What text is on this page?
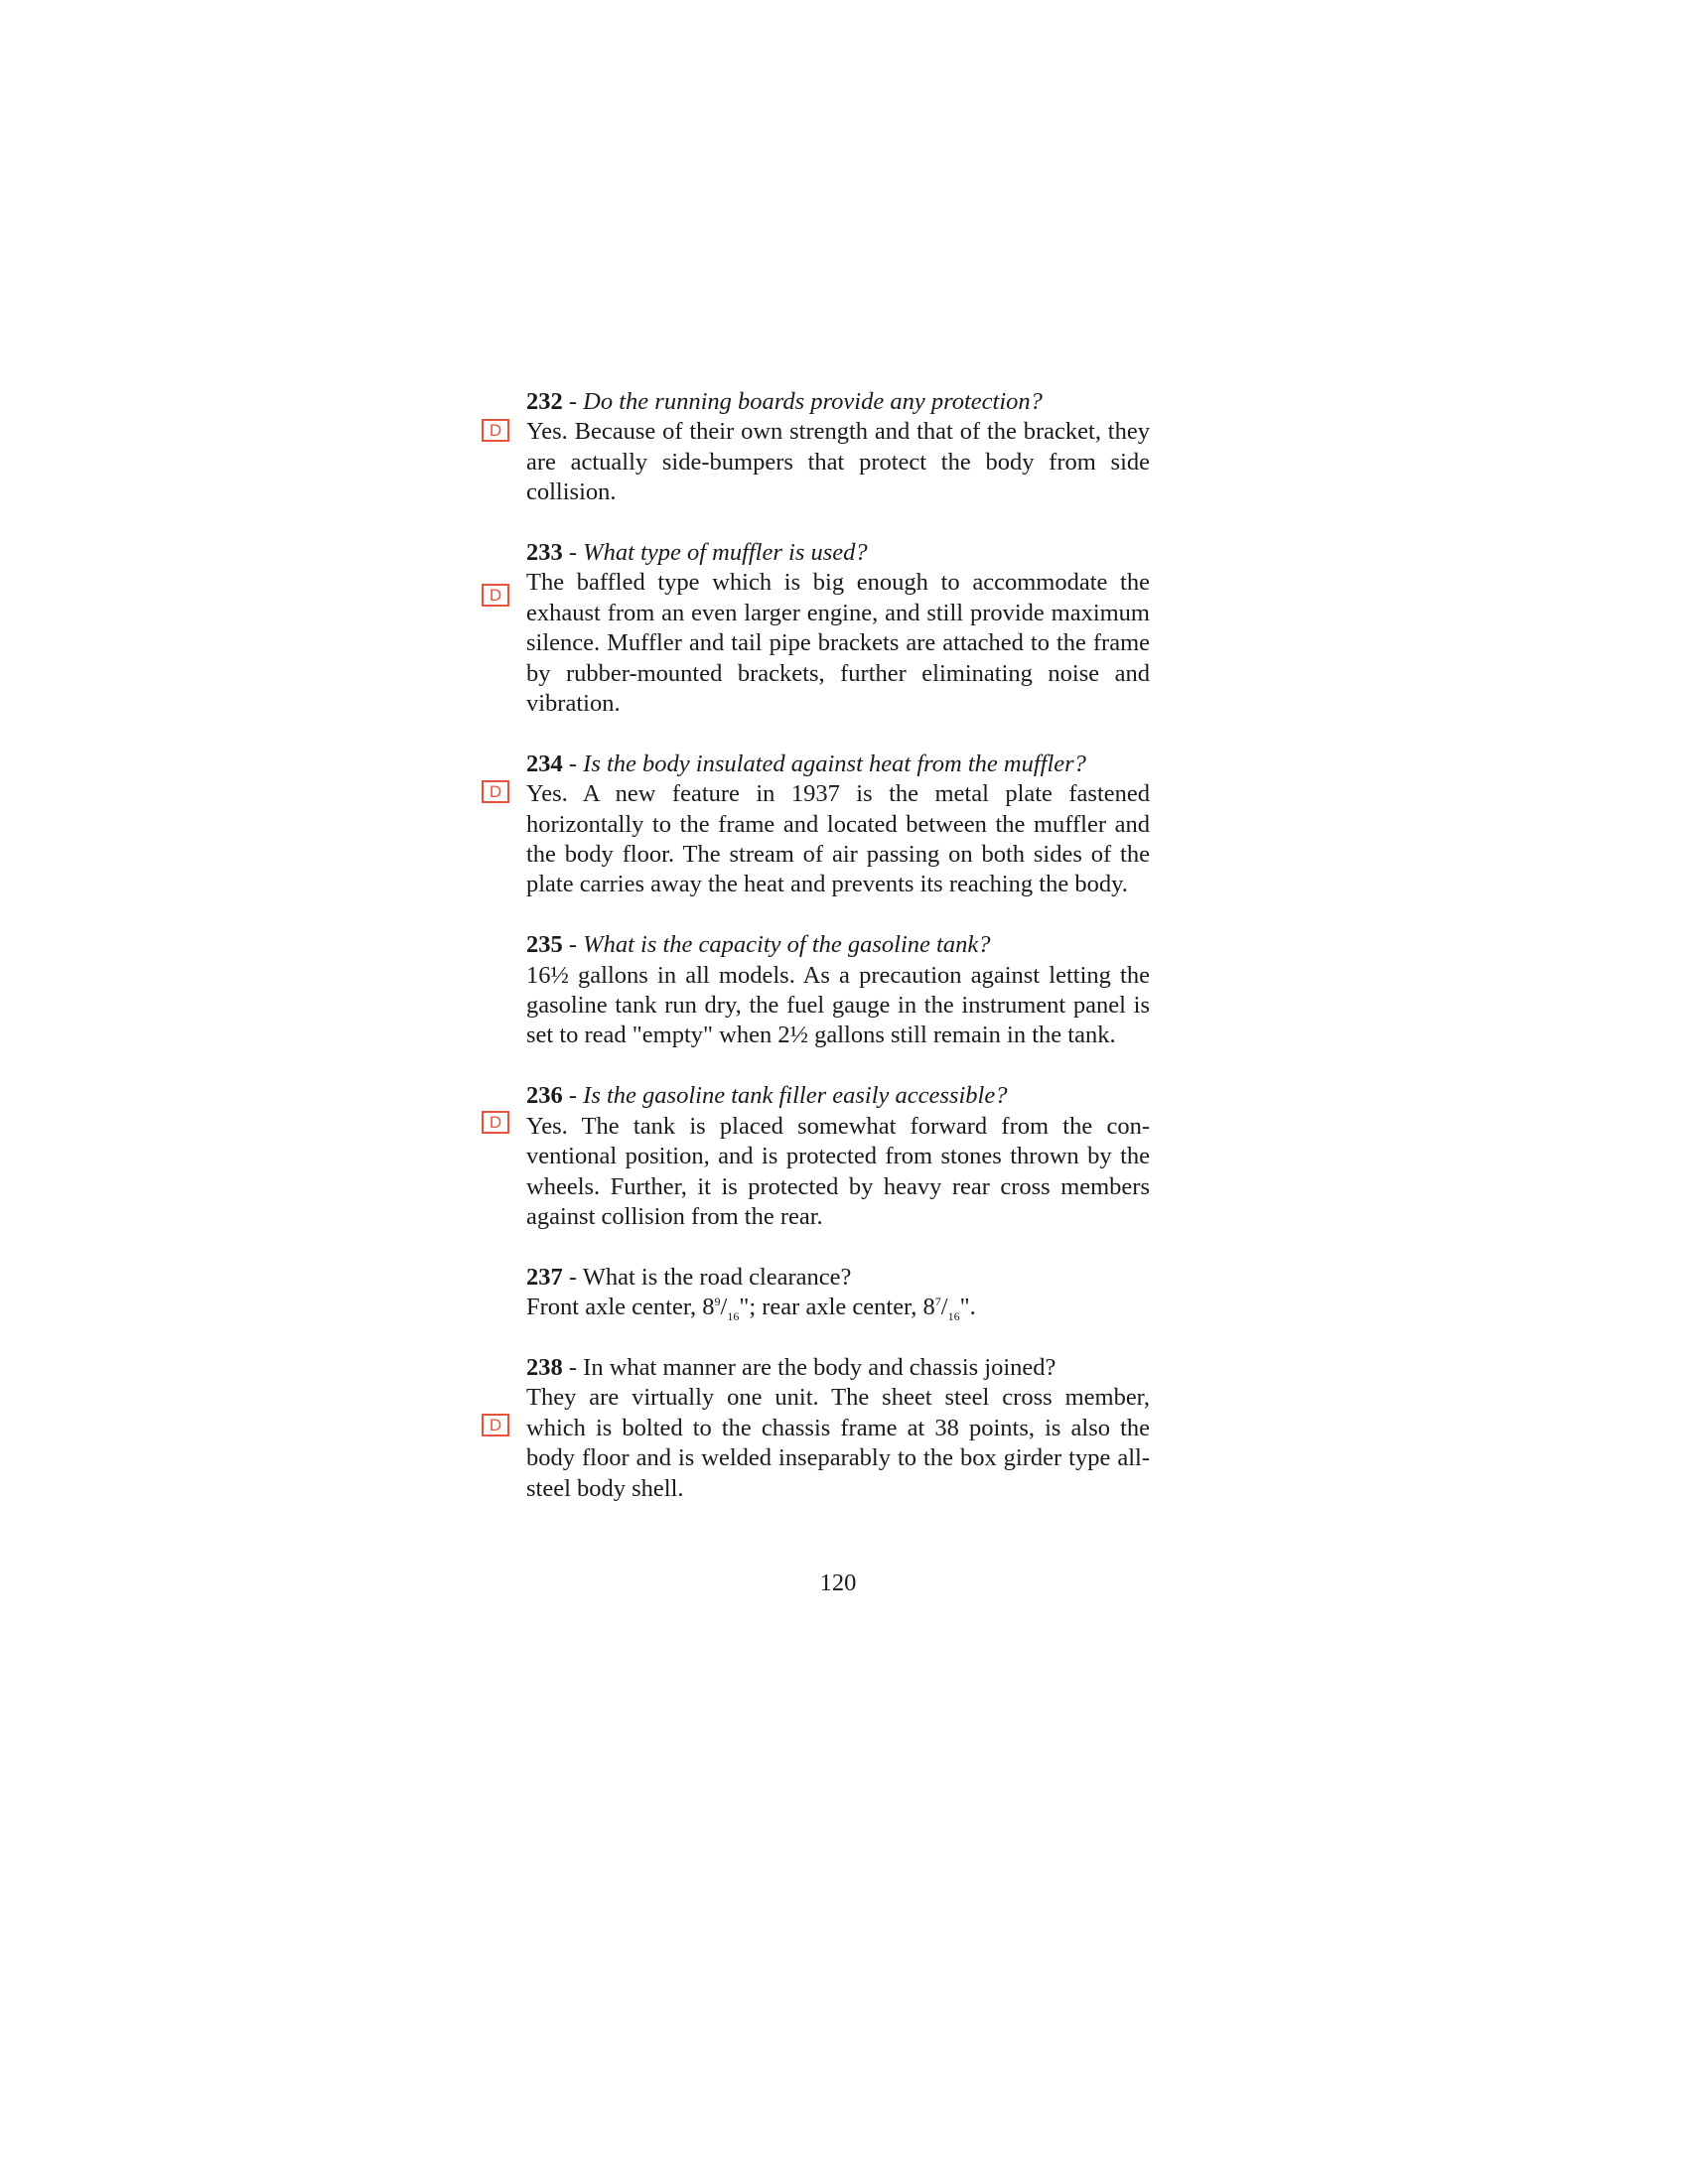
D
232 - Do the running boards provide any protection?
Yes. Because of their own strength and that of the bracket, they are actually side-bumpers that protect the body from side collision.
D
233 - What type of muffler is used?
The baffled type which is big enough to accommodate the exhaust from an even larger engine, and still provide maximum silence. Muffler and tail pipe brackets are attached to the frame by rubber-mounted brackets, further eliminating noise and vibration.
D
234 - Is the body insulated against heat from the muffler?
Yes. A new feature in 1937 is the metal plate fastened horizontally to the frame and located between the muffler and the body floor. The stream of air passing on both sides of the plate carries away the heat and prevents its reaching the body.
235 - What is the capacity of the gasoline tank?
16½ gallons in all models. As a precaution against letting the gasoline tank run dry, the fuel gauge in the instrument panel is set to read "empty" when 2½ gallons still remain in the tank.
D
236 - Is the gasoline tank filler easily accessible?
Yes. The tank is placed somewhat forward from the conventional position, and is protected from stones thrown by the wheels. Further, it is protected by heavy rear cross members against collision from the rear.
237 - What is the road clearance?
Front axle center, $8^9/_{16}$"; rear axle center, $8^7/_{16}$".
D
238 - In what manner are the body and chassis joined?
They are virtually one unit. The sheet steel cross member, which is bolted to the chassis frame at 38 points, is also the body floor and is welded inseparably to the box girder type all-steel body shell.
120
